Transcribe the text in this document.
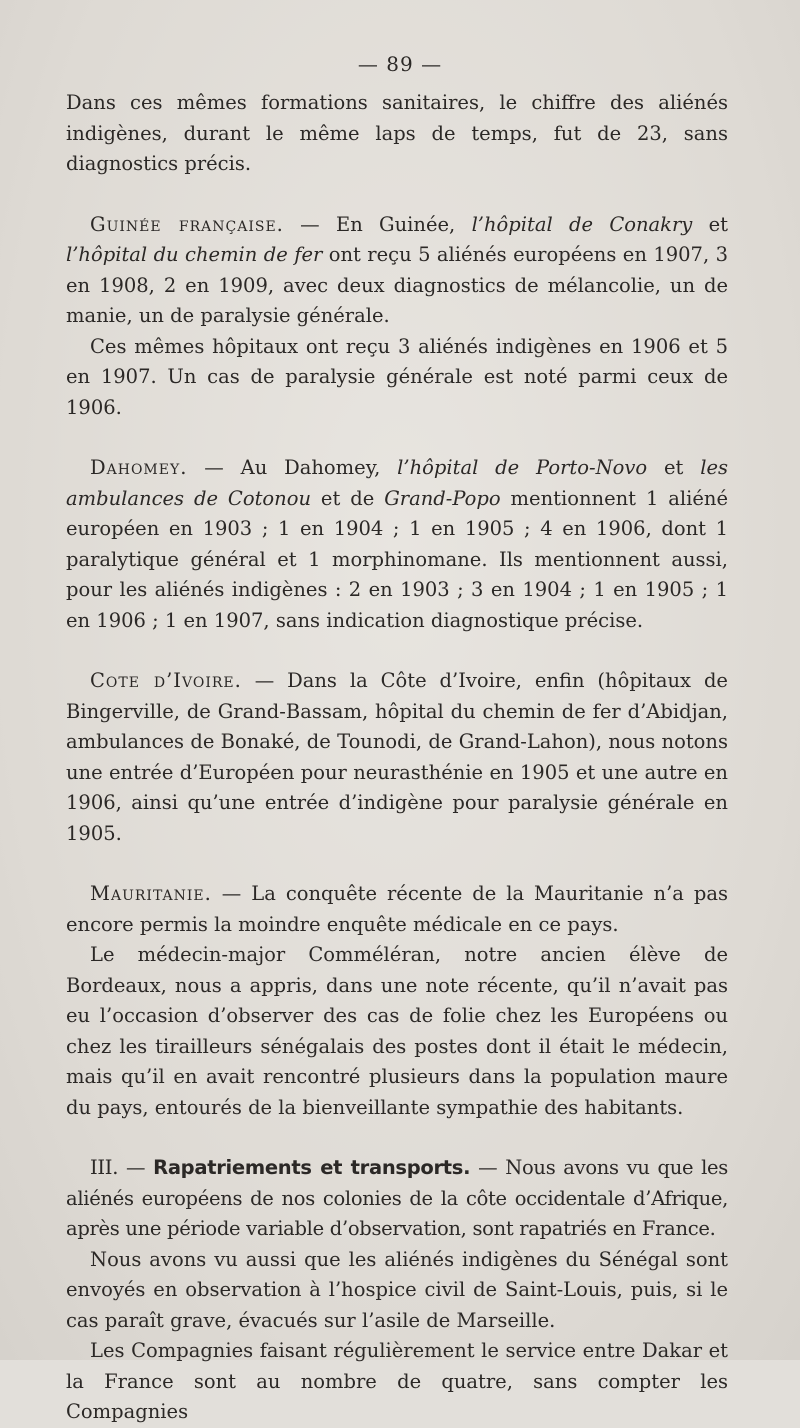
— 89 —

Dans ces mêmes formations sanitaires, le chiffre des aliénés indigènes, durant le même laps de temps, fut de 23, sans diagnostics précis.

Guinée française. — En Guinée, l’hôpital de Conakry et l’hôpital du chemin de fer ont reçu 5 aliénés européens en 1907, 3 en 1908, 2 en 1909, avec deux diagnostics de mélancolie, un de manie, un de paralysie générale.

Ces mêmes hôpitaux ont reçu 3 aliénés indigènes en 1906 et 5 en 1907. Un cas de paralysie générale est noté parmi ceux de 1906.

Dahomey. — Au Dahomey, l’hôpital de Porto-Novo et les ambulances de Cotonou et de Grand-Popo mentionnent 1 aliéné européen en 1903 ; 1 en 1904 ; 1 en 1905 ; 4 en 1906, dont 1 paralytique général et 1 morphinomane. Ils mentionnent aussi, pour les aliénés indigènes : 2 en 1903 ; 3 en 1904 ; 1 en 1905 ; 1 en 1906 ; 1 en 1907, sans indication diagnostique précise.

Cote d’Ivoire. — Dans la Côte d’Ivoire, enfin (hôpitaux de Bingerville, de Grand-Bassam, hôpital du chemin de fer d’Abidjan, ambulances de Bonaké, de Tounodi, de Grand-Lahon), nous notons une entrée d’Européen pour neurasthénie en 1905 et une autre en 1906, ainsi qu’une entrée d’indigène pour paralysie générale en 1905.

Mauritanie. — La conquête récente de la Mauritanie n’a pas encore permis la moindre enquête médicale en ce pays.

Le médecin-major Comméléran, notre ancien élève de Bordeaux, nous a appris, dans une note récente, qu’il n’avait pas eu l’occasion d’observer des cas de folie chez les Européens ou chez les tirailleurs sénégalais des postes dont il était le médecin, mais qu’il en avait rencontré plusieurs dans la population maure du pays, entourés de la bienveillante sympathie des habitants.

III. — Rapatriements et transports. — Nous avons vu que les aliénés européens de nos colonies de la côte occidentale d’Afrique, après une période variable d’observation, sont rapatriés en France.

Nous avons vu aussi que les aliénés indigènes du Sénégal sont envoyés en observation à l’hospice civil de Saint-Louis, puis, si le cas paraît grave, évacués sur l’asile de Marseille.

Les Compagnies faisant régulièrement le service entre Dakar et la France sont au nombre de quatre, sans compter les Compagnies
